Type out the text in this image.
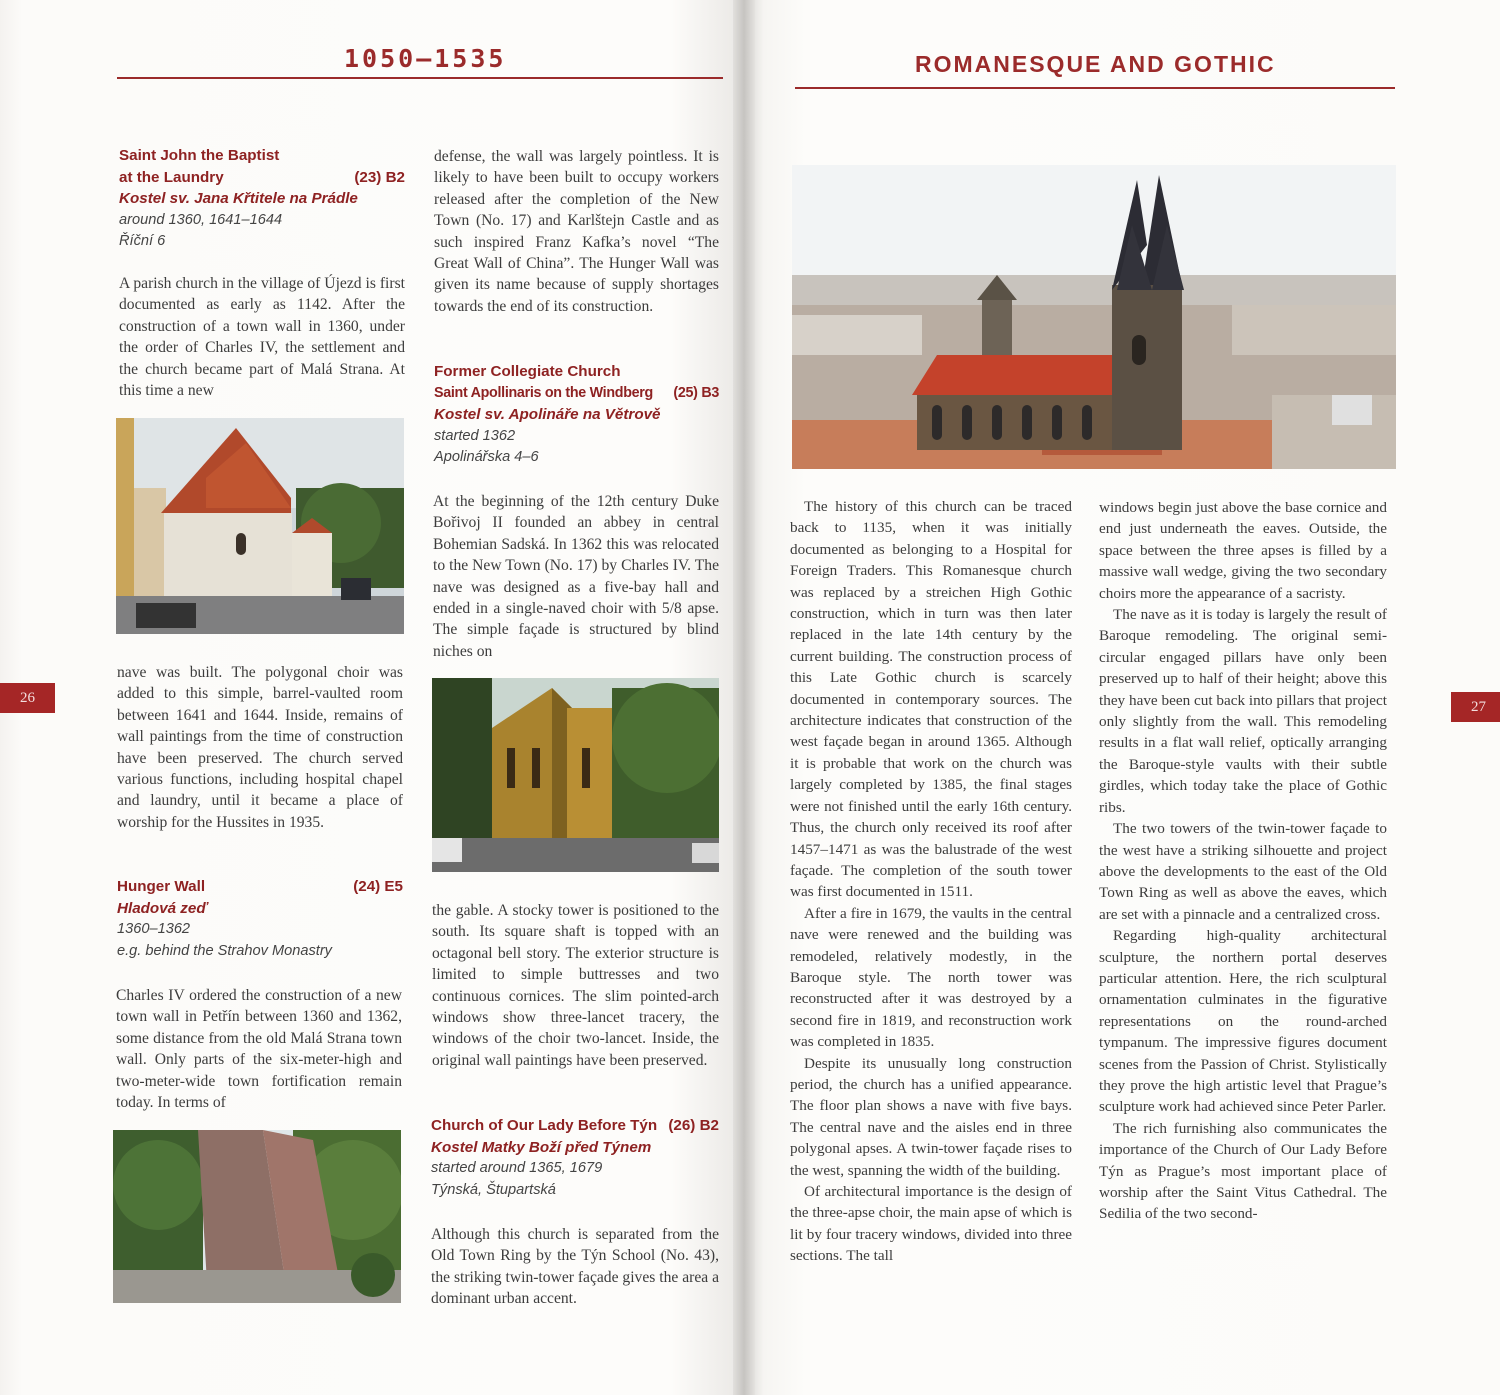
1050–1535	ROMANESQUE AND GOTHIC
26
27
Saint John the Baptist
at the Laundry	(23) B2
Kostel sv. Jana Křtitele na Prádle
around 1360, 1641–1644
Říční 6

A parish church in the village of Újezd is first documented as early as 1142. After the construction of a town wall in 1360, under the order of Charles IV, the settlement and the church became part of Malá Strana. At this time a new

nave was built. The polygonal choir was added to this simple, barrel-vaulted room between 1641 and 1644. Inside, remains of wall paintings from the time of construction have been preserved. The church served various functions, including hospital chapel and laundry, until it became a place of worship for the Hussites in 1935.

Hunger Wall	(24) E5
Hladová zeď
1360–1362
e.g. behind the Strahov Monastry

Charles IV ordered the construction of a new town wall in Petřín between 1360 and 1362, some distance from the old Malá Strana town wall. Only parts of the six-meter-high and two-meter-wide town fortification remain today. In terms of

defense, the wall was largely pointless. It is likely to have been built to occupy workers released after the completion of the New Town (No. 17) and Karlštejn Castle and as such inspired Franz Kafka’s novel “The Great Wall of China”. The Hunger Wall was given its name because of supply shortages towards the end of its construction.

Former Collegiate Church
Saint Apollinaris on the Windberg (25) B3
Kostel sv. Apolináře na Větrově
started 1362
Apolinářska 4–6

At the beginning of the 12th century Duke Bořivoj II founded an abbey in central Bohemian Sadská. In 1362 this was relocated to the New Town (No. 17) by Charles IV. The nave was designed as a five-bay hall and ended in a single-naved choir with 5/8 apse. The simple façade is structured by blind niches on

the gable. A stocky tower is positioned to the south. Its square shaft is topped with an octagonal bell story. The exterior structure is limited to simple buttresses and two continuous cornices. The slim pointed-arch windows show three-lancet tracery, the windows of the choir two-lancet. Inside, the original wall paintings have been preserved.

Church of Our Lady Before Týn (26) B2
Kostel Matky Boží před Týnem
started around 1365, 1679
Týnská, Štupartská

Although this church is separated from the Old Town Ring by the Týn School (No. 43), the striking twin-tower façade gives the area a dominant urban accent.

The history of this church can be traced back to 1135, when it was initially documented as belonging to a Hospital for Foreign Traders. This Romanesque church was replaced by a streichen High Gothic construction, which in turn was then later replaced in the late 14th century by the current building. The construction process of this Late Gothic church is scarcely documented in contemporary sources. The architecture indicates that construction of the west façade began in around 1365. Although it is probable that work on the church was largely completed by 1385, the final stages were not finished until the early 16th century. Thus, the church only received its roof after 1457–1471 as was the balustrade of the west façade. The completion of the south tower was first documented in 1511.

After a fire in 1679, the vaults in the central nave were renewed and the building was remodeled, relatively modestly, in the Baroque style. The north tower was reconstructed after it was destroyed by a second fire in 1819, and reconstruction work was completed in 1835.

Despite its unusually long construction period, the church has a unified appearance. The floor plan shows a nave with five bays. The central nave and the aisles end in three polygonal apses. A twin-tower façade rises to the west, spanning the width of the building.

Of architectural importance is the design of the three-apse choir, the main apse of which is lit by four tracery windows, divided into three sections. The tall

windows begin just above the base cornice and end just underneath the eaves. Outside, the space between the three apses is filled by a massive wall wedge, giving the two secondary choirs more the appearance of a sacristy.

The nave as it is today is largely the result of Baroque remodeling. The original semi-circular engaged pillars have only been preserved up to half of their height; above this they have been cut back into pillars that project only slightly from the wall. This remodeling results in a flat wall relief, optically arranging the Baroque-style vaults with their subtle girdles, which today take the place of Gothic ribs.

The two towers of the twin-tower façade to the west have a striking silhouette and project above the developments to the east of the Old Town Ring as well as above the eaves, which are set with a pinnacle and a centralized cross.

Regarding high-quality architectural sculpture, the northern portal deserves particular attention. Here, the rich sculptural ornamentation culminates in the figurative representations on the round-arched tympanum. The impressive figures document scenes from the Passion of Christ. Stylistically they prove the high artistic level that Prague’s sculpture work had achieved since Peter Parler.

The rich furnishing also communicates the importance of the Church of Our Lady Before Týn as Prague’s most important place of worship after the Saint Vitus Cathedral. The Sedilia of the two second-
